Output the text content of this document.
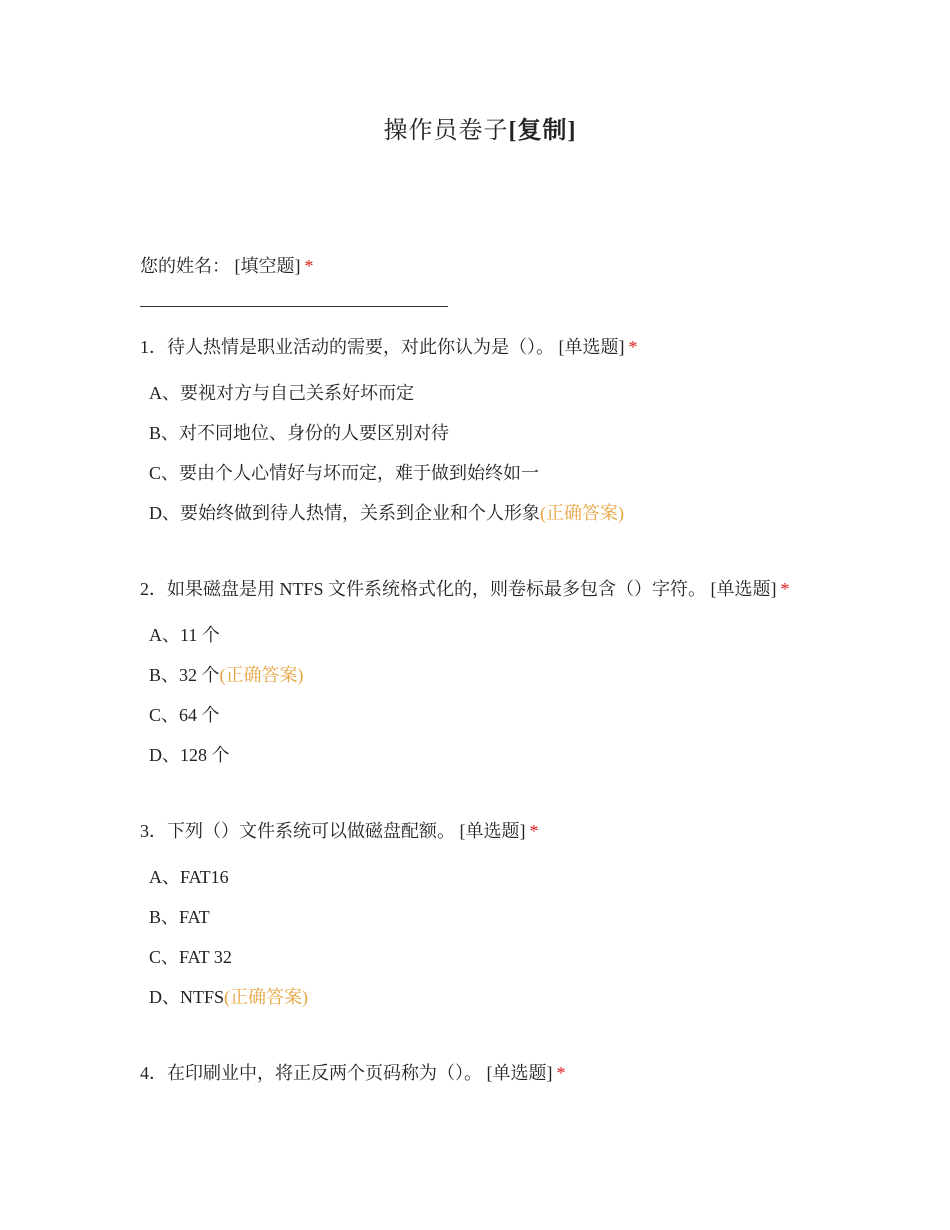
操作员卷子[复制]
您的姓名： [填空题] *
1．待人热情是职业活动的需要，对此你认为是（）。 [单选题] *
A、要视对方与自己关系好坏而定
B、对不同地位、身份的人要区别对待
C、要由个人心情好与坏而定，难于做到始终如一
D、要始终做到待人热情，关系到企业和个人形象(正确答案)
2．如果磁盘是用 NTFS 文件系统格式化的，则卷标最多包含（）字符。 [单选题] *
A、11 个
B、32 个(正确答案)
C、64 个
D、128 个
3．下列（）文件系统可以做磁盘配额。 [单选题] *
A、FAT16
B、FAT
C、FAT 32
D、NTFS(正确答案)
4．在印刷业中，将正反两个页码称为（）。 [单选题] *
